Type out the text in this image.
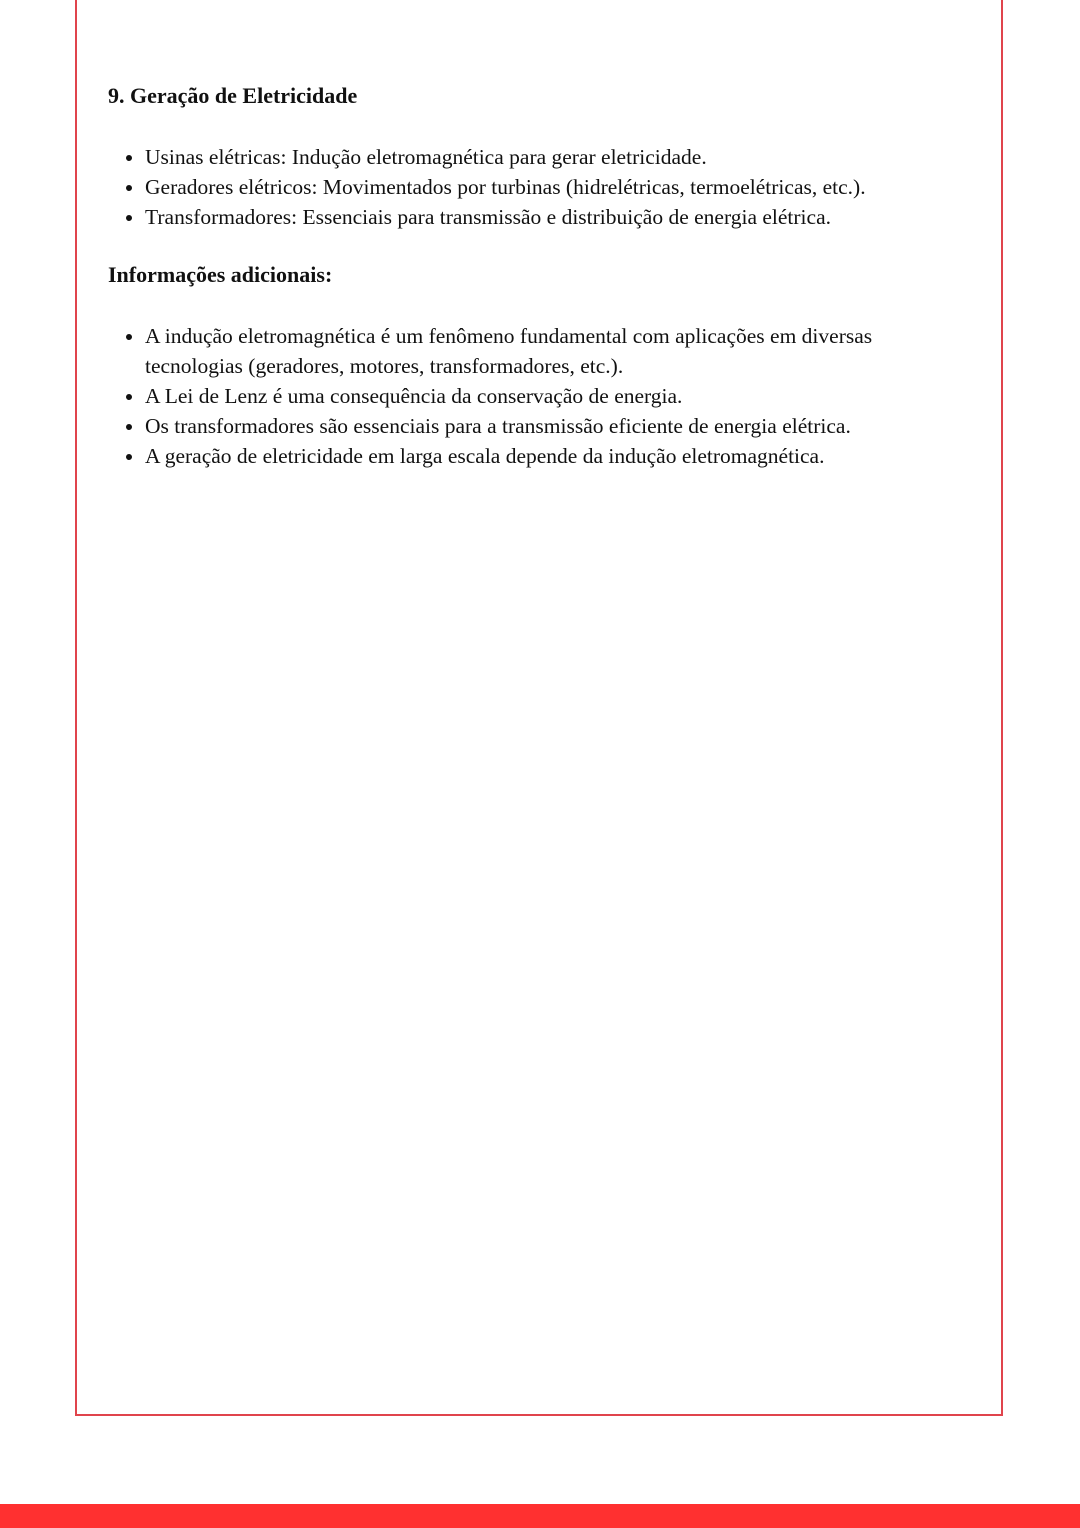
9. Geração de Eletricidade
• Usinas elétricas: Indução eletromagnética para gerar eletricidade.
• Geradores elétricos: Movimentados por turbinas (hidrelétricas, termoelétricas, etc.).
• Transformadores: Essenciais para transmissão e distribuição de energia elétrica.
Informações adicionais:
• A indução eletromagnética é um fenômeno fundamental com aplicações em diversas tecnologias (geradores, motores, transformadores, etc.).
• A Lei de Lenz é uma consequência da conservação de energia.
• Os transformadores são essenciais para a transmissão eficiente de energia elétrica.
• A geração de eletricidade em larga escala depende da indução eletromagnética.
